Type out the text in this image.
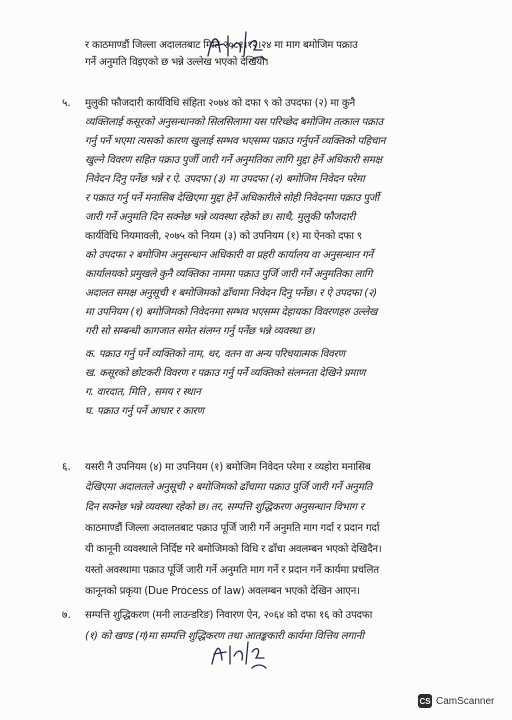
र काठमाण्डौं जिल्ला अदालतबाट मिति २०८१।१२।२४ मा माग बमोजिम पक्राउ
गर्ने अनुमति विइएको छ भन्ने उल्लेख भएको देखियो।
५. मुलुकी फौजदारी कार्यविधि संहिता २०७४ को दफा ९ को उपदफा (२) मा कुनै
व्यक्तिलाई कसूरको अनुसन्धानको सिलसिलामा यस परिच्छेद बमोजिम तत्काल पक्राउ
गर्नु पर्ने भएमा त्यसको कारण खुलाई सम्भव भएसम्म पक्राउ गर्नुपर्ने व्यक्तिको पहिचान
खुल्ने विवरण सहित पक्राउ पुर्जी जारी गर्ने अनुमतिका लागि मुद्दा हेर्ने अधिकारी समक्ष
निवेदन दिनु पर्नेछ भन्ने र ऐ. उपदफा (३) मा उपदफा (२) बमोजिम निवेदन परेमा
र पक्राउ गर्नु पर्ने मनासिब देखिएमा मुद्दा हेर्ने अधिकारीले सोही निवेदनमा पक्राउ पुर्जी
जारी गर्ने अनुमति दिन सक्नेछ भन्ने व्यवस्था रहेको छ। साथै, मुलुकी फौजदारी
कार्यविधि नियमावली, २०७५ को नियम (३) को उपनियम (१) मा ऐनको दफा ९
को उपदफा २ बमोजिम अनुसन्धान अधिकारी वा प्रहरी कार्यालय वा अनुसन्धान गर्ने
कार्यालयको प्रमुखले कुनै व्यक्तिका नाममा पक्राउ पुर्जि जारी गर्ने अनुमतिका लागि
अदालत समक्ष अनुसूची १ बमोजिमको ढाँचामा निवेदन दिनु पर्नेछ। र ऐ उपदफा (२)
मा उपनियम (१) बमोजिमको निवेदनमा सम्भव भएसम्म देहायका विवरणहरु उल्लेख
गरी सो सम्बन्धी कागजात समेत संलग्न गर्नु पर्नेछ भन्ने व्यवस्था छ।
क. पक्राउ गर्नु पर्ने व्यक्तिको नाम, थर, वतन वा अन्य परिचयात्मक विवरण
ख. कसूरको छोटकरी विवरण र पक्राउ गर्नु पर्ने व्यक्तिको संलग्नता देखिने प्रमाण
ग. वारदात, मिति , समय र स्थान
घ. पक्राउ गर्नु पर्ने आधार र कारण
६. यसरी नै उपनियम (४) मा उपनियम (१) बमोजिम निवेदन परेमा र व्यहोरा मनासिब
देखिएमा अदालतले अनुसूची २ बमोजिमको ढाँचामा पक्राउ पुर्जि जारी गर्ने अनुमति
दिन सक्नेछ भन्ने व्यवस्था रहेको छ। तर, सम्पत्ति शुद्धिकरण अनुसन्धान विभाग र
काठमाण्डौं जिल्ला अदालतबाट पक्राउ पूर्जि जारी गर्ने अनुमति माग गर्दा र प्रदान गर्दा
यी कानूनी व्यवस्थाले निर्दिष्ट गरे बमोजिमको विधि र ढाँचा अवलम्बन भएको देखिदैन।
यस्तो अवस्थामा पक्राउ पूर्जि जारी गर्ने अनुमति माग गर्ने र प्रदान गर्ने कार्यमा प्रचलित
कानूनको प्रकृया (Due Process of law) अवलम्बन भएको देखिन आएन।
७. सम्पत्ति शुद्धिकरण (मनी लाउन्डरिङ) निवारण ऐन, २०६४ को दफा १६ को उपदफा
(१) को खण्ड (ग)मा सम्पत्ति शुद्धिकरण तथा आतङ्ककारी कार्यमा वित्तिय लगानी
CS CamScanner
